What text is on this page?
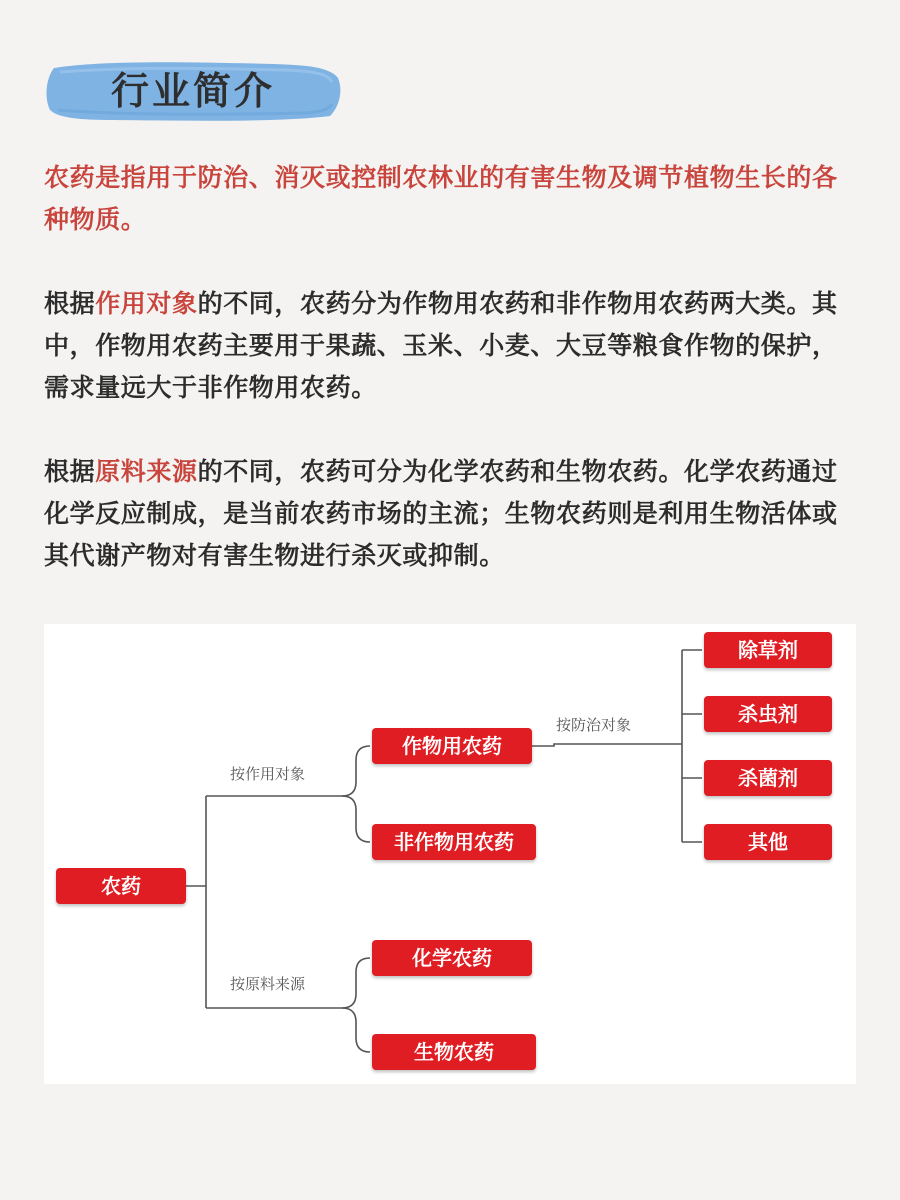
行业简介

农药是指用于防治、消灭或控制农林业的有害生物及调节植物生长的各种物质。

根据作用对象的不同，农药分为作物用农药和非作物用农药两大类。其中，作物用农药主要用于果蔬、玉米、小麦、大豆等粮食作物的保护，需求量远大于非作物用农药。

根据原料来源的不同，农药可分为化学农药和生物农药。化学农药通过化学反应制成，是当前农药市场的主流；生物农药则是利用生物活体或其代谢产物对有害生物进行杀灭或抑制。

按作用对象
按原料来源
按防治对象
农药
作物用农药
非作物用农药
化学农药
生物农药
除草剂
杀虫剂
杀菌剂
其他
